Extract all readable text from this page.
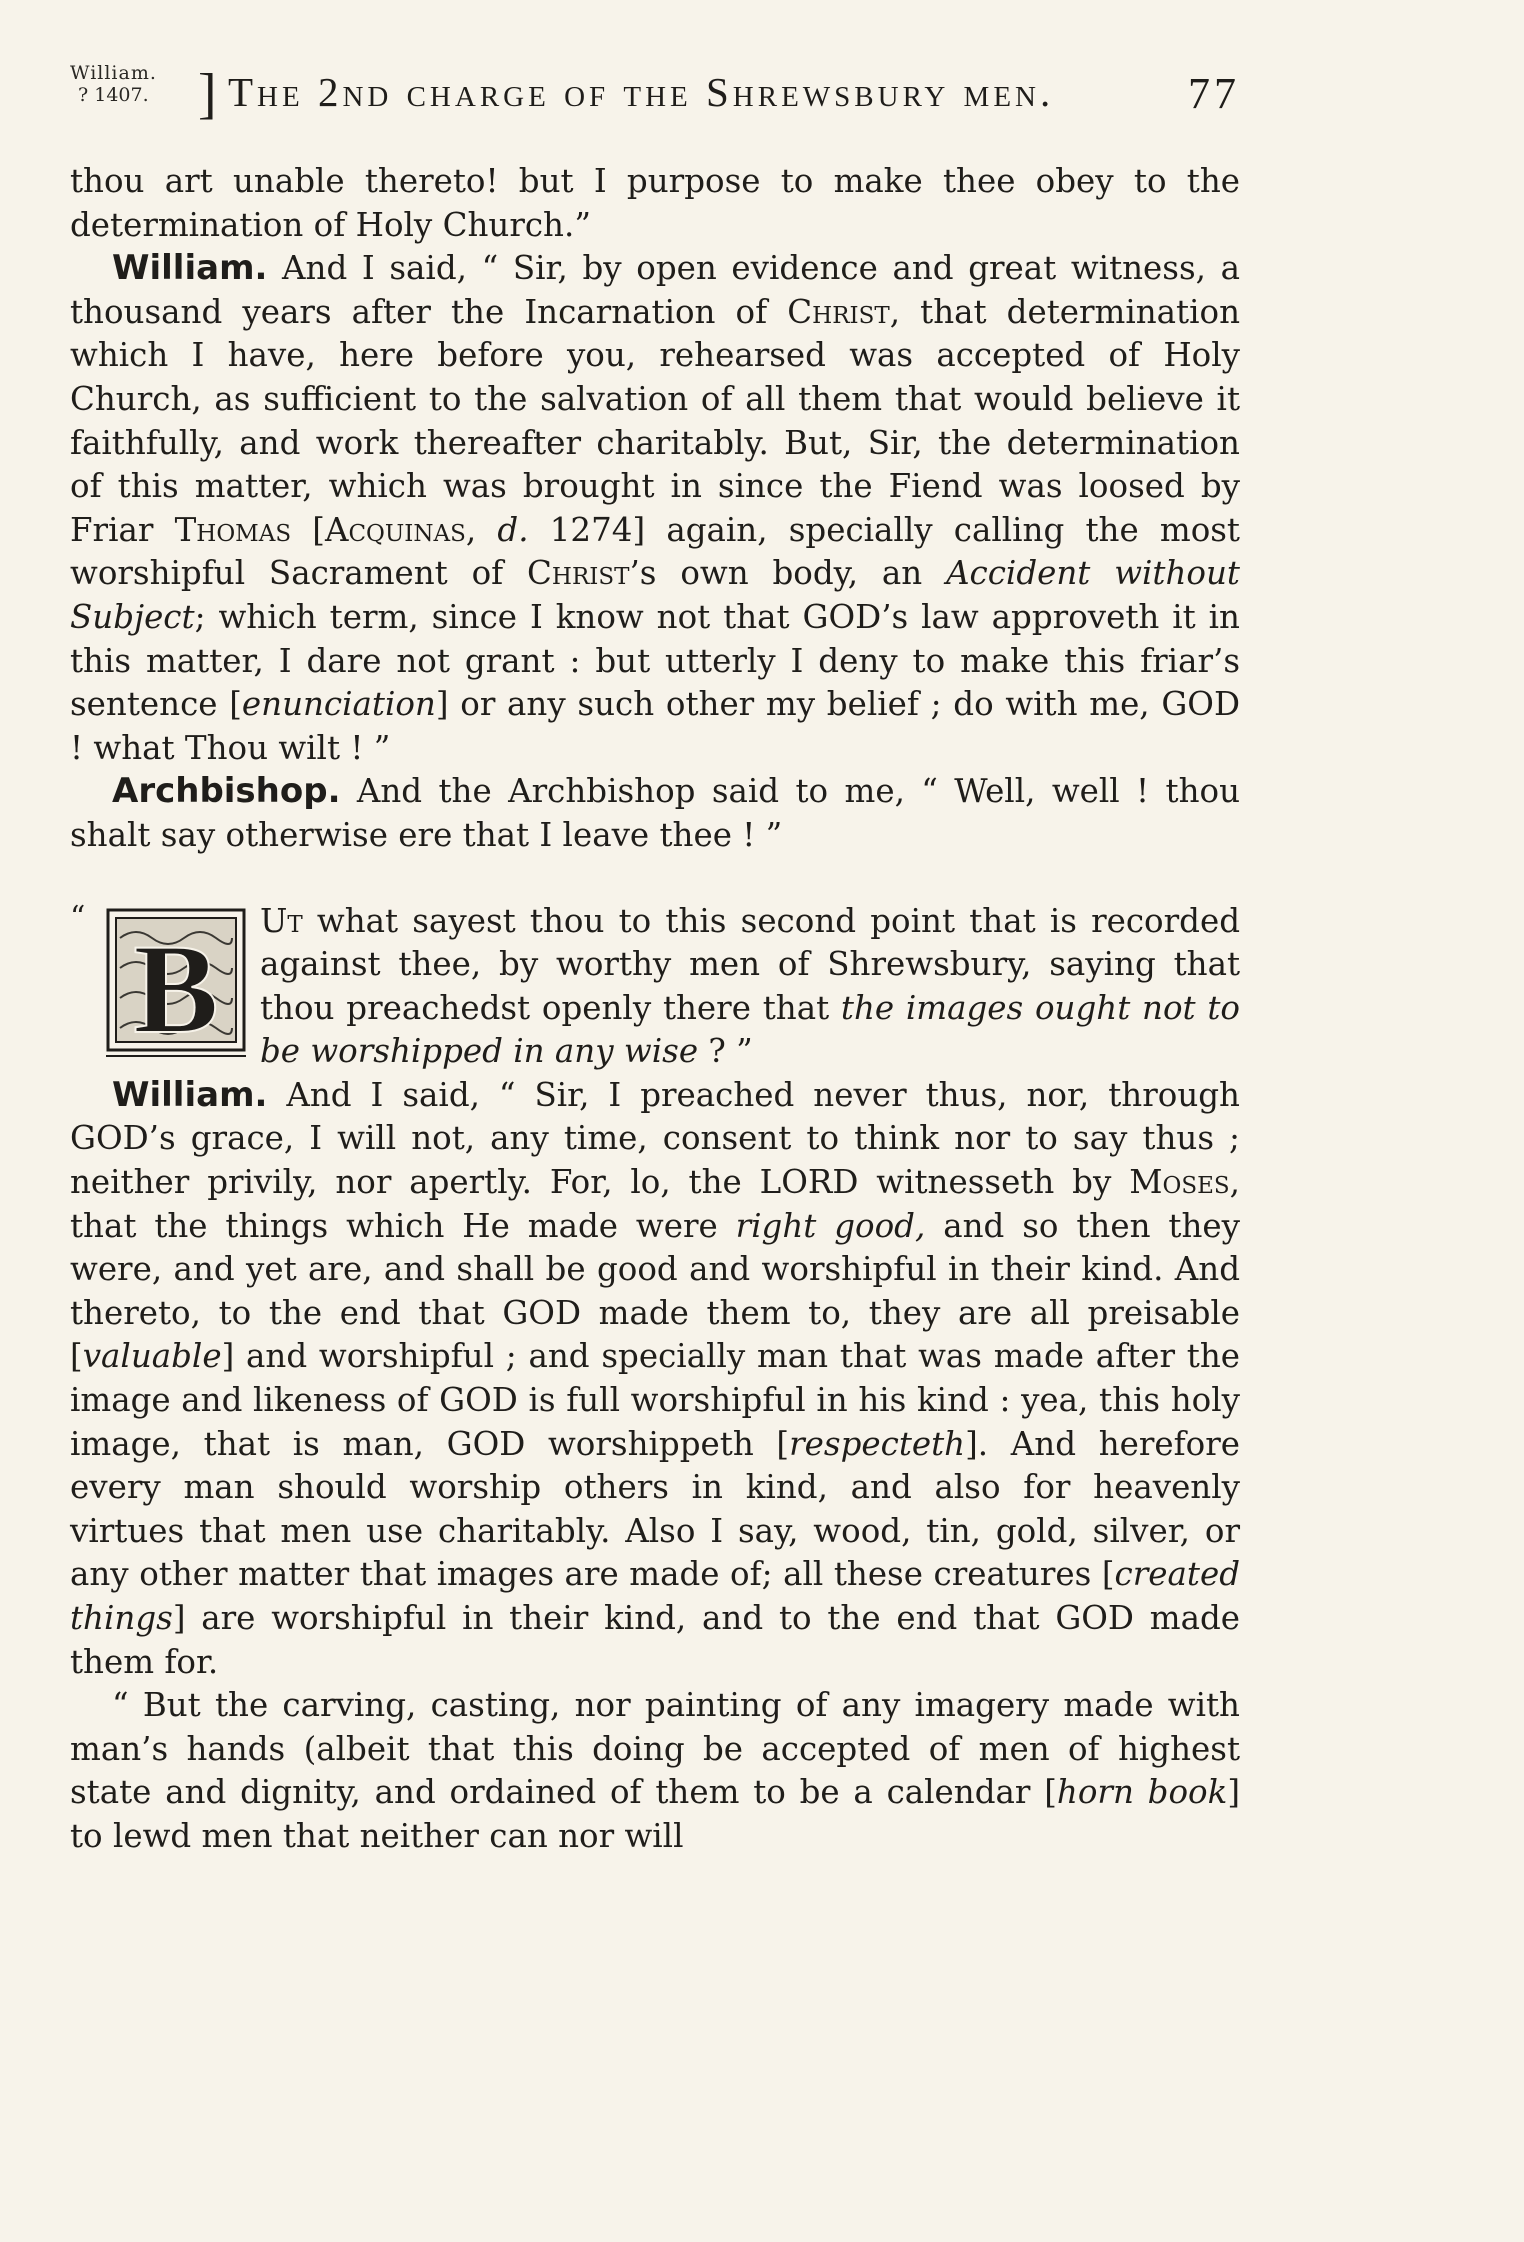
William.
? 1407. ] The 2nd charge of the Shrewsbury men.	77

thou art unable thereto! but I purpose to make thee obey to the determination of Holy Church.”

William. And I said, “ Sir, by open evidence and great witness, a thousand years after the Incarnation of Christ, that determination which I have, here before you, rehearsed was accepted of Holy Church, as sufficient to the salvation of all them that would believe it faithfully, and work thereafter charitably. But, Sir, the determination of this matter, which was brought in since the Fiend was loosed by Friar Thomas [Acquinas, d. 1274] again, specially calling the most worshipful Sacrament of Christ’s own body, an Accident without Subject; which term, since I know not that GOD’s law approveth it in this matter, I dare not grant : but utterly I deny to make this friar’s sentence [enunciation] or any such other my belief ; do with me, GOD ! what Thou wilt ! ”

Archbishop. And the Archbishop said to me, “ Well, well ! thou shalt say otherwise ere that I leave thee ! ”

“
B	Ut what sayest thou to this second point that is recorded against thee, by worthy men of Shrewsbury, saying that thou preachedst openly there that the images ought not to be worshipped in any wise ? ”

William. And I said, “ Sir, I preached never thus, nor, through GOD’s grace, I will not, any time, consent to think nor to say thus ; neither privily, nor apertly. For, lo, the LORD witnesseth by Moses, that the things which He made were right good, and so then they were, and yet are, and shall be good and worshipful in their kind. And thereto, to the end that GOD made them to, they are all preisable [valuable] and worshipful ; and specially man that was made after the image and likeness of GOD is full worshipful in his kind : yea, this holy image, that is man, GOD worshippeth [respecteth]. And herefore every man should worship others in kind, and also for heavenly virtues that men use charitably. Also I say, wood, tin, gold, silver, or any other matter that images are made of; all these creatures [created things] are worshipful in their kind, and to the end that GOD made them for.

“ But the carving, casting, nor painting of any imagery made with man’s hands (albeit that this doing be accepted of men of highest state and dignity, and ordained of them to be a calendar [horn book] to lewd men that neither can nor will
